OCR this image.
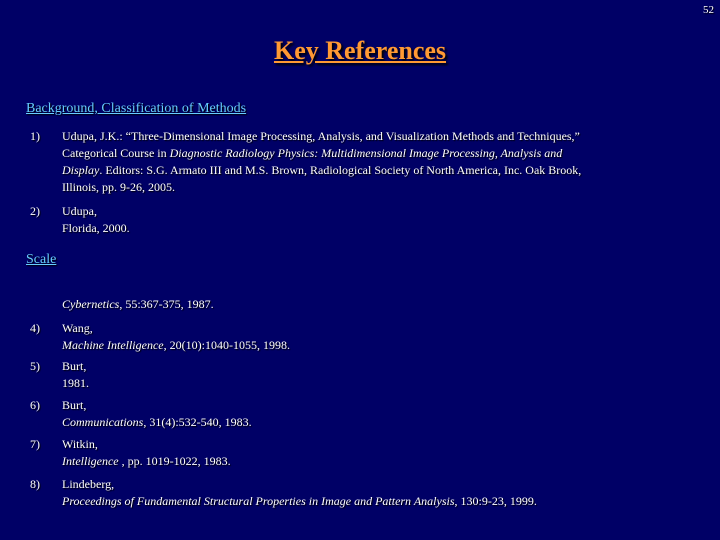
52
Key References
Background, Classification of Methods
1)	Udupa, J.K.: “Three-Dimensional Image Processing, Analysis, and Visualization Methods and Techniques,”
Categorical Course in Diagnostic Radiology Physics: Multidimensional Image Processing, Analysis and
Display. Editors: S.G. Armato III and M.S. Brown, Radiological Society of North America, Inc. Oak Brook,
Illinois, pp. 9-26, 2005.
2)	Udupa,
Florida, 2000.
Scale
Cybernetics, 55:367-375, 1987.
4)	Wang,
Machine Intelligence, 20(10):1040-1055, 1998.
5)	Burt,
1981.
6)	Burt,
Communications, 31(4):532-540, 1983.
7)	Witkin,
Intelligence , pp. 1019-1022, 1983.
8)	Lindeberg,
Proceedings of Fundamental Structural Properties in Image and Pattern Analysis, 130:9-23, 1999.
